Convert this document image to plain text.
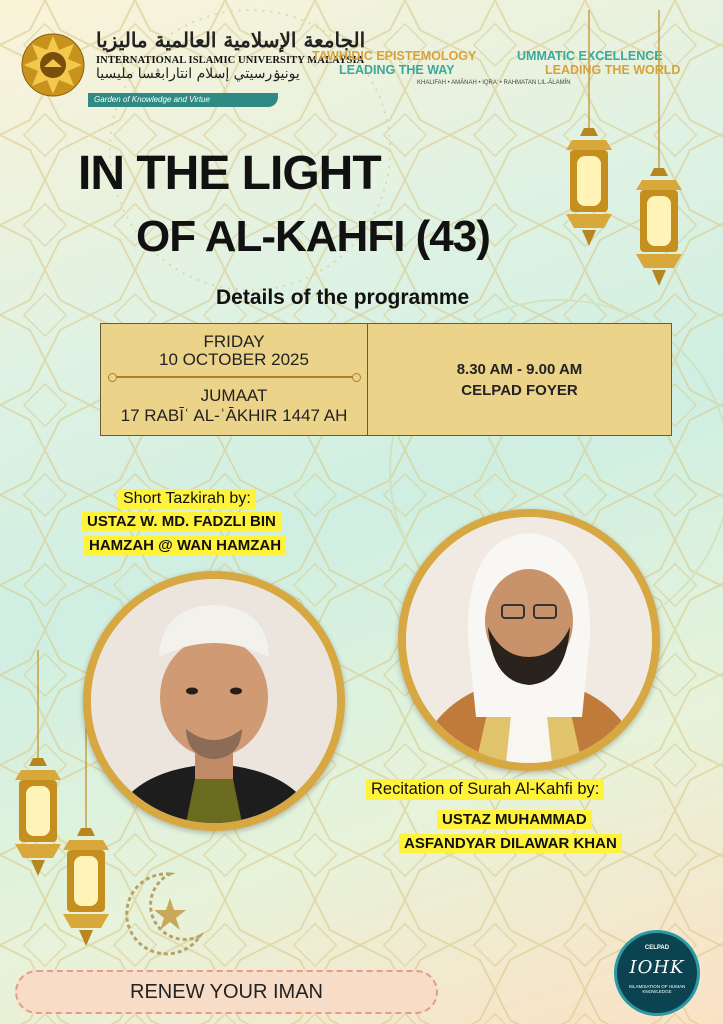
الجامعة الإسلامية العالمية ماليزيا
INTERNATIONAL ISLAMIC UNIVERSITY MALAYSIA
يونيۏرسيتي إسلام انتارابڠسا مليسيا
Garden of Knowledge and Virtue
TAWHIDIC EPISTEMOLOGY
LEADING THE WAY
UMMATIC EXCELLENCE
LEADING THE WORLD
KHALIFAH • AMĀNAH • IQRA' • RAHMATAN LIL-ĀLAMĪN
IN THE LIGHT
OF AL-KAHFI (43)
Details of the programme
FRIDAY
10 OCTOBER 2025
JUMAAT
17 RABĪʿ AL-ʾĀKHIR 1447 AH
8.30 AM - 9.00 AM
CELPAD FOYER
Short Tazkirah by:
USTAZ W. MD. FADZLI BIN
HAMZAH @ WAN HAMZAH
Recitation of Surah Al-Kahfi by:
USTAZ MUHAMMAD
ASFANDYAR DILAWAR KHAN
RENEW YOUR IMAN
CELPAD
IOHK
ISLAMISATION OF HUMAN KNOWLEDGE
